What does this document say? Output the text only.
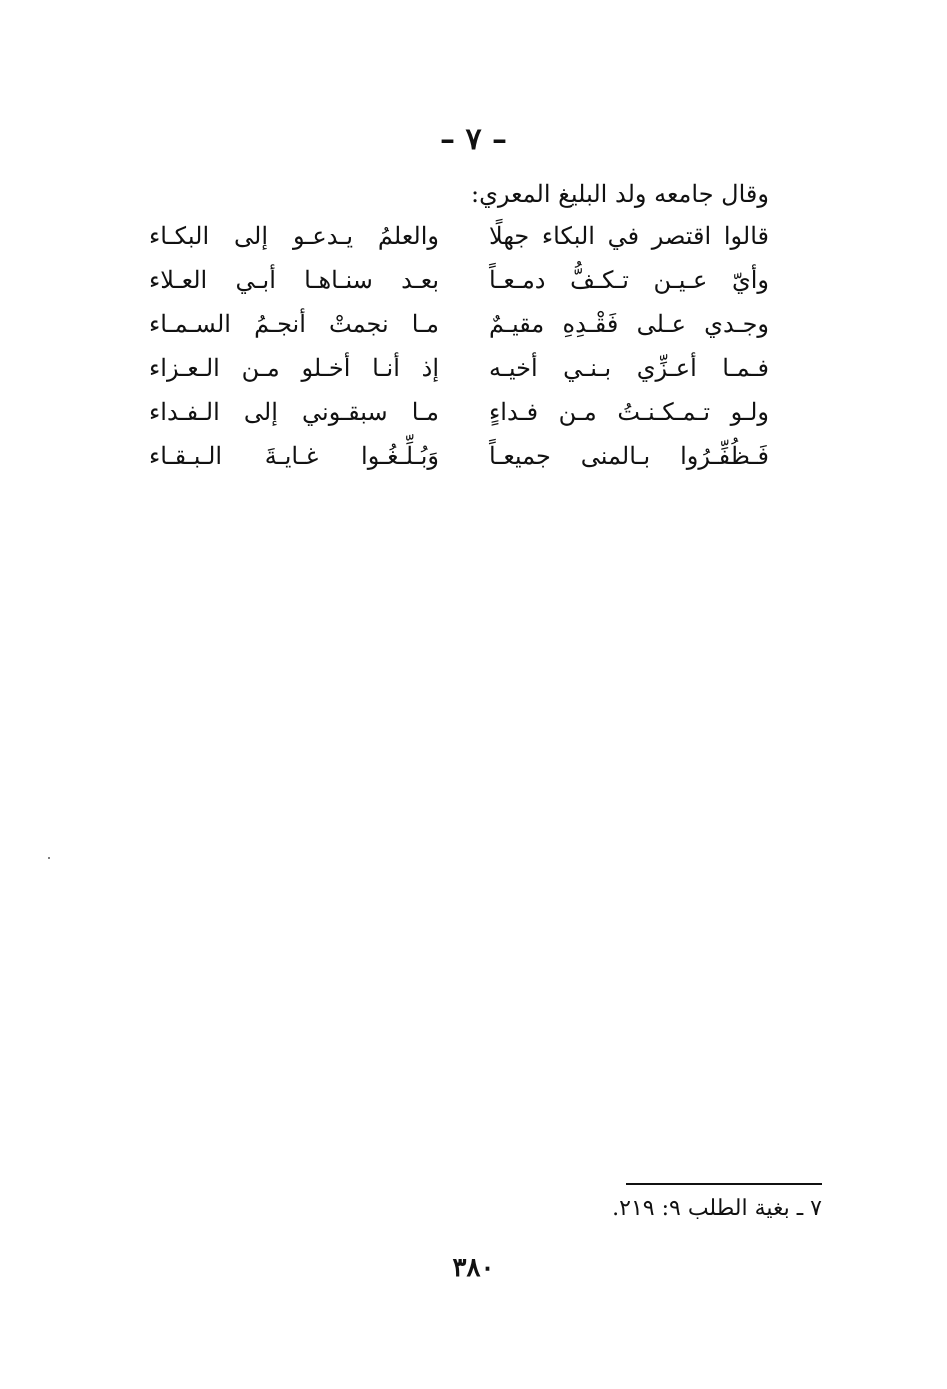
– ٧ –
وقال جامعه ولد البليغ المعري:
قالوا اقتصر في البكاء جهلًا
والعلمُ يـدعـو إلى البكـاء
وأيّ عـيـن تـكـفُّ دمـعـاً
بعـد سنـاهـا أبـي العـلاء
وجـدي عـلى فَقْـدِهِ مقيـمٌ
مـا نجمتْ أنجـمُ السـمـاء
فـمـا أعـزِّي بـنـي أخيـه
إذ أنـا أخـلو مـن الـعـزاء
ولـو تـمـكـنـتُ مـن فـداءٍ
مـا سبقـوني إلى الـفـداء
فَـظُفِّـرُوا بـالمنى جميعـاً
وَبُـلِّـغُـوا غـايـةَ الـبـقـاء
٧ ـ بغية الطلب ٩: ٢١٩.
٣٨٠
